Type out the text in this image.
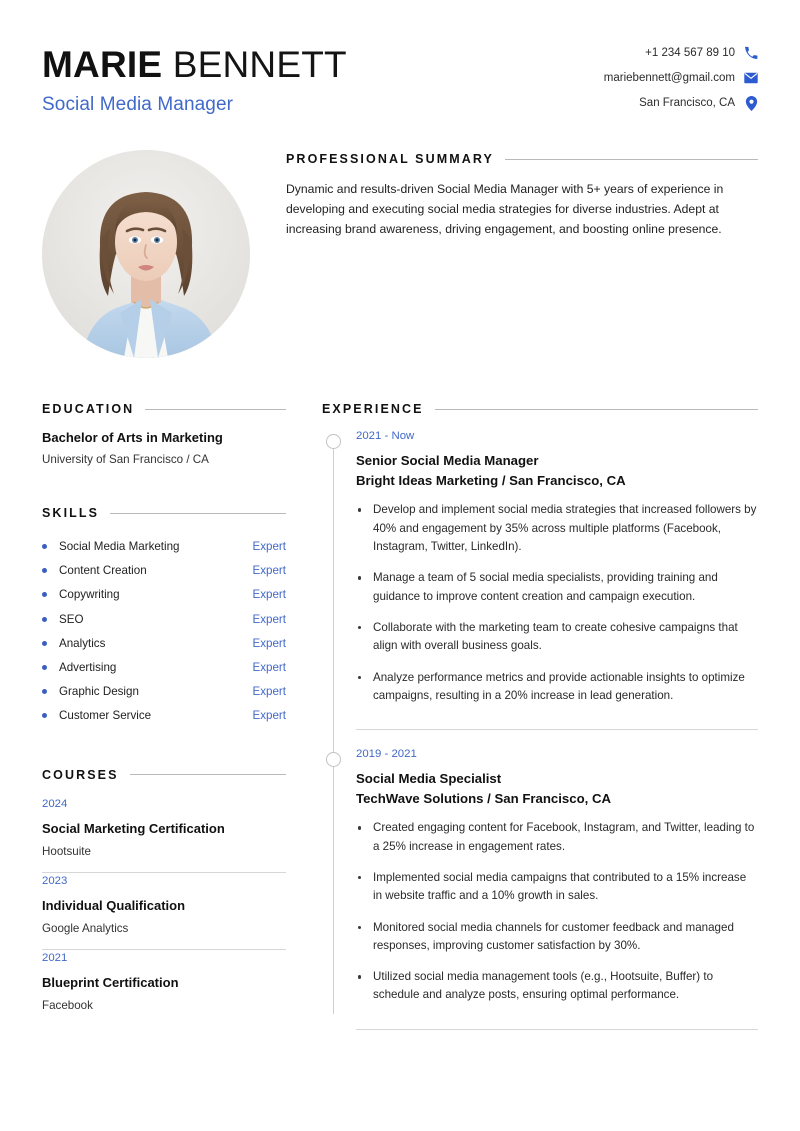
MARIE BENNETT
Social Media Manager
+1 234 567 89 10
mariebennett@gmail.com
San Francisco, CA
PROFESSIONAL SUMMARY
Dynamic and results-driven Social Media Manager with 5+ years of experience in developing and executing social media strategies for diverse industries. Adept at increasing brand awareness, driving engagement, and boosting online presence.
EDUCATION
Bachelor of Arts in Marketing
University of San Francisco / CA
SKILLS
Social Media Marketing	Expert
Content Creation	Expert
Copywriting	Expert
SEO	Expert
Analytics	Expert
Advertising	Expert
Graphic Design	Expert
Customer Service	Expert
COURSES
2024
Social Marketing Certification
Hootsuite
2023
Individual Qualification
Google Analytics
2021
Blueprint Certification
Facebook
EXPERIENCE
2021 - Now
Senior Social Media Manager
Bright Ideas Marketing / San Francisco, CA
Develop and implement social media strategies that increased followers by 40% and engagement by 35% across multiple platforms (Facebook, Instagram, Twitter, LinkedIn).
Manage a team of 5 social media specialists, providing training and guidance to improve content creation and campaign execution.
Collaborate with the marketing team to create cohesive campaigns that align with overall business goals.
Analyze performance metrics and provide actionable insights to optimize campaigns, resulting in a 20% increase in lead generation.
2019 - 2021
Social Media Specialist
TechWave Solutions / San Francisco, CA
Created engaging content for Facebook, Instagram, and Twitter, leading to a 25% increase in engagement rates.
Implemented social media campaigns that contributed to a 15% increase in website traffic and a 10% growth in sales.
Monitored social media channels for customer feedback and managed responses, improving customer satisfaction by 30%.
Utilized social media management tools (e.g., Hootsuite, Buffer) to schedule and analyze posts, ensuring optimal performance.
